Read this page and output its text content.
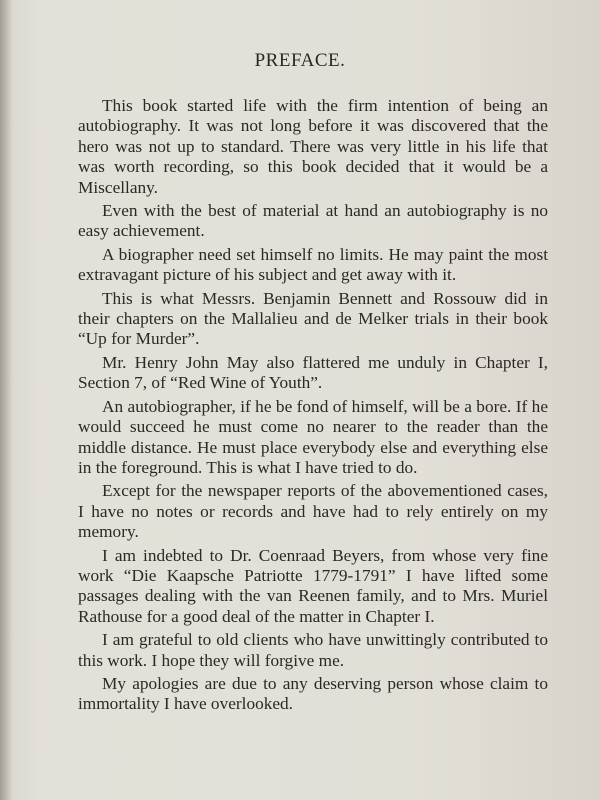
PREFACE.

This book started life with the firm intention of being an autobiography. It was not long before it was discovered that the hero was not up to standard. There was very little in his life that was worth recording, so this book decided that it would be a Miscellany.

Even with the best of material at hand an autobiography is no easy achievement.

A biographer need set himself no limits. He may paint the most extravagant picture of his subject and get away with it.

This is what Messrs. Benjamin Bennett and Rossouw did in their chapters on the Mallalieu and de Melker trials in their book “Up for Murder”.

Mr. Henry John May also flattered me unduly in Chapter I, Section 7, of “Red Wine of Youth”.

An autobiographer, if he be fond of himself, will be a bore. If he would succeed he must come no nearer to the reader than the middle distance. He must place everybody else and everything else in the foreground. This is what I have tried to do.

Except for the newspaper reports of the abovementioned cases, I have no notes or records and have had to rely entirely on my memory.

I am indebted to Dr. Coenraad Beyers, from whose very fine work “Die Kaapsche Patriotte 1779-1791” I have lifted some passages dealing with the van Reenen family, and to Mrs. Muriel Rathouse for a good deal of the matter in Chapter I.

I am grateful to old clients who have unwittingly contributed to this work. I hope they will forgive me.

My apologies are due to any deserving person whose claim to immortality I have overlooked.
